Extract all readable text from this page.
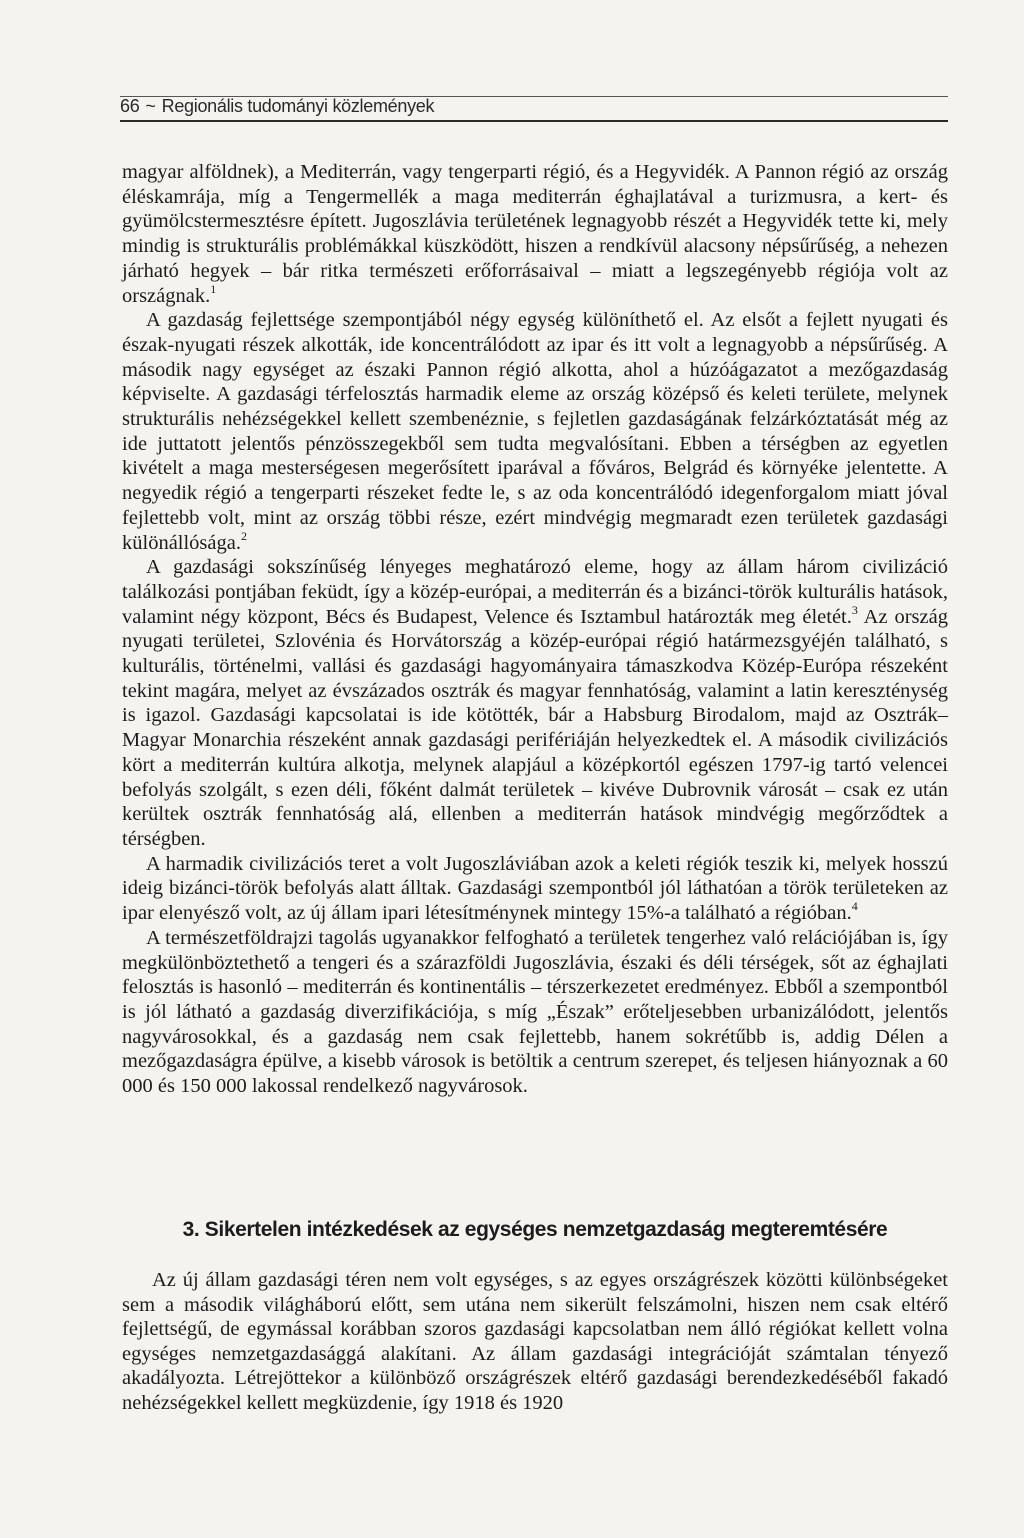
66 ~ Regionális tudományi közlemények

magyar alföldnek), a Mediterrán, vagy tengerparti régió, és a Hegyvidék. A Pannon régió az ország éléskamrája, míg a Tengermellék a maga mediterrán éghajlatával a turizmusra, a kert- és gyümölcstermesztésre épített. Jugoszlávia területének legnagyobb részét a Hegyvidék tette ki, mely mindig is strukturális problémákkal küszködött, hiszen a rendkívül alacsony népsűrűség, a nehezen járható hegyek – bár ritka természeti erőforrásaival – miatt a legszegényebb régiója volt az országnak.$^1$

A gazdaság fejlettsége szempontjából négy egység különíthető el. Az elsőt a fejlett nyugati és észak-nyugati részek alkották, ide koncentrálódott az ipar és itt volt a legnagyobb a népsűrűség. A második nagy egységet az északi Pannon régió alkotta, ahol a húzóágazatot a mezőgazdaság képviselte. A gazdasági térfelosztás harmadik eleme az ország középső és keleti területe, melynek strukturális nehézségekkel kellett szembenéznie, s fejletlen gazdaságának felzárkóztatását még az ide juttatott jelentős pénzösszegekből sem tudta megvalósítani. Ebben a térségben az egyetlen kivételt a maga mesterségesen megerősített iparával a főváros, Belgrád és környéke jelentette. A negyedik régió a tengerparti részeket fedte le, s az oda koncentrálódó idegenforgalom miatt jóval fejlettebb volt, mint az ország többi része, ezért mindvégig megmaradt ezen területek gazdasági különállósága.$^2$

A gazdasági sokszínűség lényeges meghatározó eleme, hogy az állam három civilizáció találkozási pontjában feküdt, így a közép-európai, a mediterrán és a bizánci-török kulturális hatások, valamint négy központ, Bécs és Budapest, Velence és Isztambul határozták meg életét.$^3$ Az ország nyugati területei, Szlovénia és Horvátország a közép-európai régió határmezsgyéjén található, s kulturális, történelmi, vallási és gazdasági hagyományaira támaszkodva Közép-Európa részeként tekint magára, melyet az évszázados osztrák és magyar fennhatóság, valamint a latin kereszténység is igazol. Gazdasági kapcsolatai is ide kötötték, bár a Habsburg Birodalom, majd az Osztrák–Magyar Monarchia részeként annak gazdasági perifériáján helyezkedtek el. A második civilizációs kört a mediterrán kultúra alkotja, melynek alapjául a középkortól egészen 1797-ig tartó velencei befolyás szolgált, s ezen déli, főként dalmát területek – kivéve Dubrovnik városát – csak ez után kerültek osztrák fennhatóság alá, ellenben a mediterrán hatások mindvégig megőrződtek a térségben.

A harmadik civilizációs teret a volt Jugoszláviában azok a keleti régiók teszik ki, melyek hosszú ideig bizánci-török befolyás alatt álltak. Gazdasági szempontból jól láthatóan a török területeken az ipar elenyésző volt, az új állam ipari létesítménynek mintegy 15%-a található a régióban.$^4$

A természetföldrajzi tagolás ugyanakkor felfogható a területek tengerhez való relációjában is, így megkülönböztethető a tengeri és a szárazföldi Jugoszlávia, északi és déli térségek, sőt az éghajlati felosztás is hasonló – mediterrán és kontinentális – térszerkezetet eredményez. Ebből a szempontból is jól látható a gazdaság diverzifikációja, s míg „Észak” erőteljesebben urbanizálódott, jelentős nagyvárosokkal, és a gazdaság nem csak fejlettebb, hanem sokrétűbb is, addig Délen a mezőgazdaságra épülve, a kisebb városok is betöltik a centrum szerepet, és teljesen hiányoznak a 60 000 és 150 000 lakossal rendelkező nagyvárosok.

3. Sikertelen intézkedések az egységes nemzetgazdaság megteremtésére

Az új állam gazdasági téren nem volt egységes, s az egyes országrészek közötti különbségeket sem a második világháború előtt, sem utána nem sikerült felszámolni, hiszen nem csak eltérő fejlettségű, de egymással korábban szoros gazdasági kapcsolatban nem álló régiókat kellett volna egységes nemzetgazdasággá alakítani. Az állam gazdasági integrációját számtalan tényező akadályozta. Létrejöttekor a különböző országrészek eltérő gazdasági berendezkedéséből fakadó nehézségekkel kellett megküzdenie, így 1918 és 1920
